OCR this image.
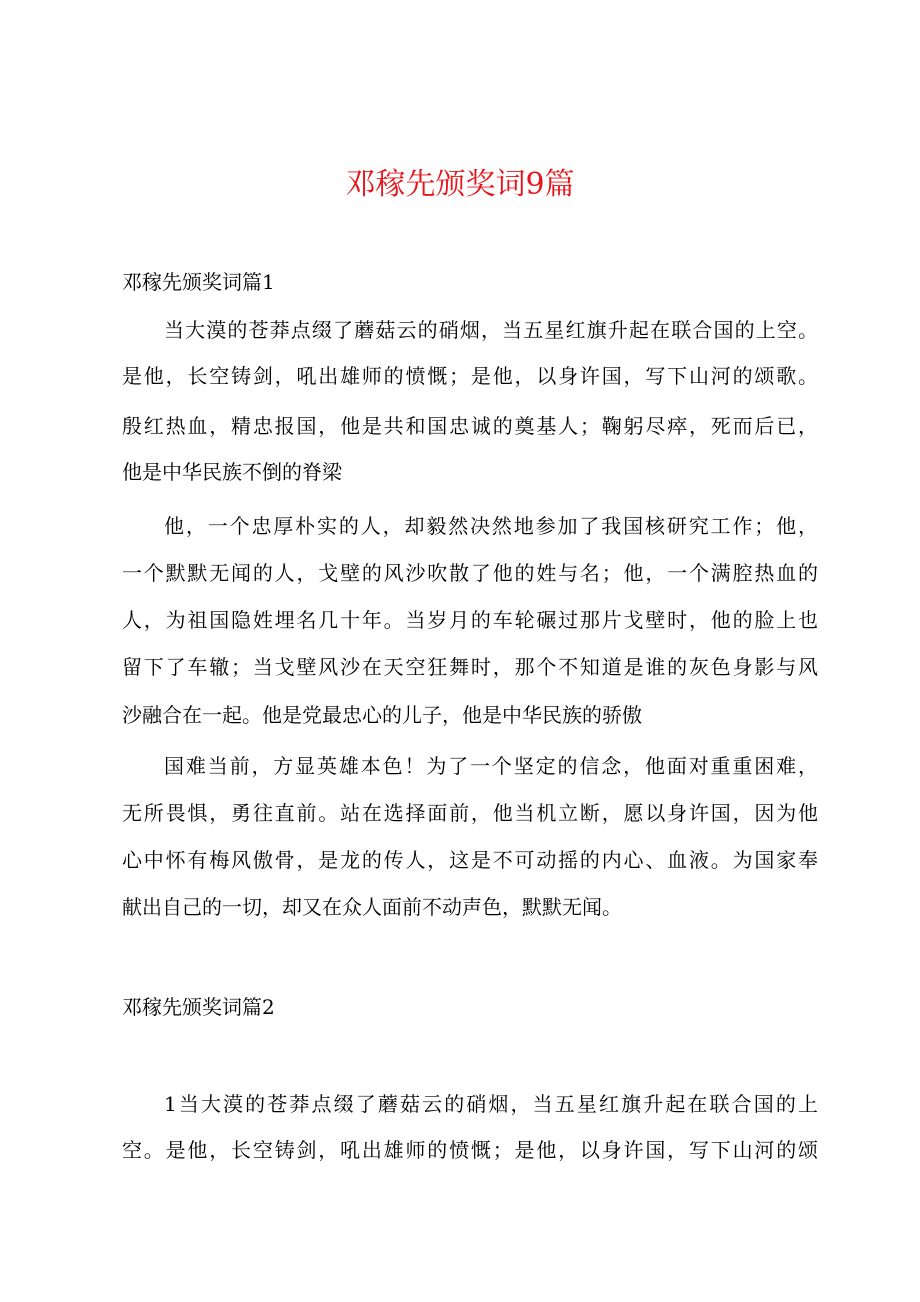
邓稼先颁奖词9篇
邓稼先颁奖词篇1
当大漠的苍莽点缀了蘑菇云的硝烟，当五星红旗升起在联合国的上空。
是他，长空铸剑，吼出雄师的愤慨；是他，以身许国，写下山河的颂歌。
殷红热血，精忠报国，他是共和国忠诚的奠基人；鞠躬尽瘁，死而后已，
他是中华民族不倒的脊梁
他，一个忠厚朴实的人，却毅然决然地参加了我国核研究工作；他，
一个默默无闻的人，戈壁的风沙吹散了他的姓与名；他，一个满腔热血的
人，为祖国隐姓埋名几十年。当岁月的车轮碾过那片戈壁时，他的脸上也
留下了车辙；当戈壁风沙在天空狂舞时，那个不知道是谁的灰色身影与风
沙融合在一起。他是党最忠心的儿子，他是中华民族的骄傲
国难当前，方显英雄本色！为了一个坚定的信念，他面对重重困难，
无所畏惧，勇往直前。站在选择面前，他当机立断，愿以身许国，因为他
心中怀有梅风傲骨，是龙的传人，这是不可动摇的内心、血液。为国家奉
献出自己的一切，却又在众人面前不动声色，默默无闻。
邓稼先颁奖词篇2
1当大漠的苍莽点缀了蘑菇云的硝烟，当五星红旗升起在联合国的上
空。是他，长空铸剑，吼出雄师的愤慨；是他，以身许国，写下山河的颂
